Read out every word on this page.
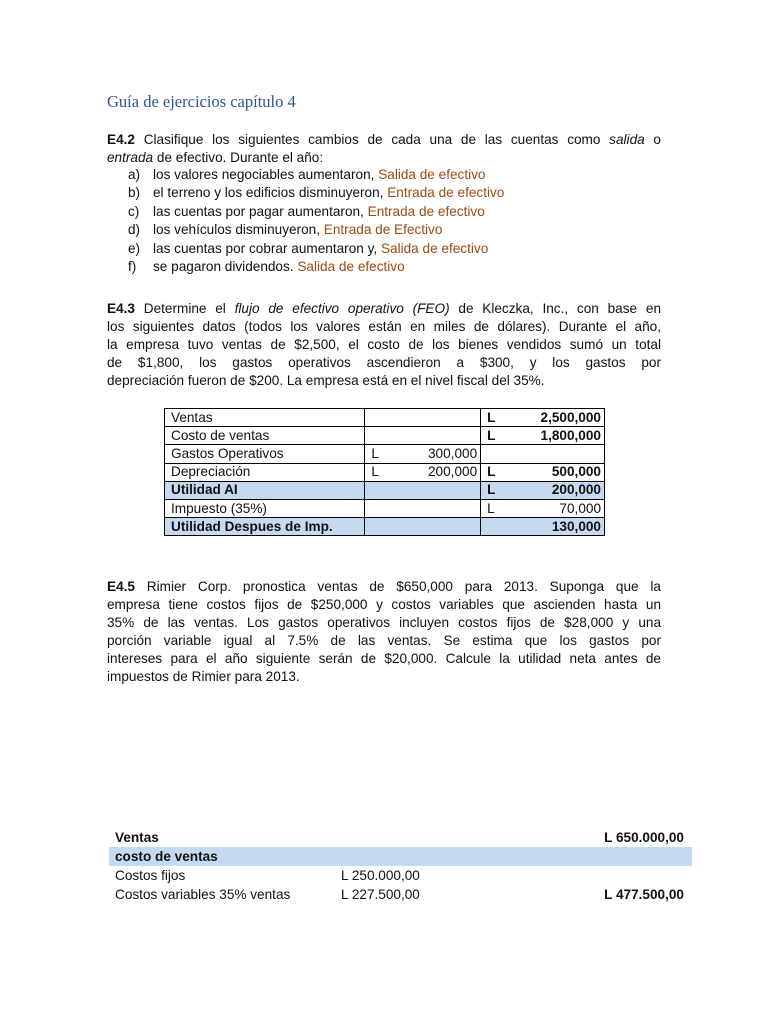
Guía de ejercicios capítulo 4
E4.2 Clasifique los siguientes cambios de cada una de las cuentas como salida o
entrada de efectivo. Durante el año:
a) los valores negociables aumentaron, Salida de efectivo
b) el terreno y los edificios disminuyeron, Entrada de efectivo
c) las cuentas por pagar aumentaron, Entrada de efectivo
d) los vehículos disminuyeron, Entrada de Efectivo
e) las cuentas por cobrar aumentaron y, Salida de efectivo
f) se pagaron dividendos. Salida de efectivo
E4.3 Determine el flujo de efectivo operativo (FEO) de Kleczka, Inc., con base en
los siguientes datos (todos los valores están en miles de dólares). Durante el año,
la empresa tuvo ventas de $2,500, el costo de los bienes vendidos sumó un total
de $1,800, los gastos operativos ascendieron a $300, y los gastos por
depreciación fueron de $200. La empresa está en el nivel fiscal del 35%.
Ventas		L 2,500,000

Costo de ventas		L 1,800,000

Gastos Operativos	L 300,000	

Depreciación	L 200,000	L 500,000

Utilidad AI		L 200,000

Impuesto (35%)		L 70,000

Utilidad Despues de Imp.		130,000
E4.5 Rimier Corp. pronostica ventas de $650,000 para 2013. Suponga que la
empresa tiene costos fijos de $250,000 y costos variables que ascienden hasta un
35% de las ventas. Los gastos operativos incluyen costos fijos de $28,000 y una
porción variable igual al 7.5% de las ventas. Se estima que los gastos por
intereses para el año siguiente serán de $20,000. Calcule la utilidad neta antes de
impuestos de Rimier para 2013.
Ventas		L 650.000,00
costo de ventas		
Costos fijos	L 250.000,00	
Costos variables 35% ventas	L 227.500,00	L 477.500,00
